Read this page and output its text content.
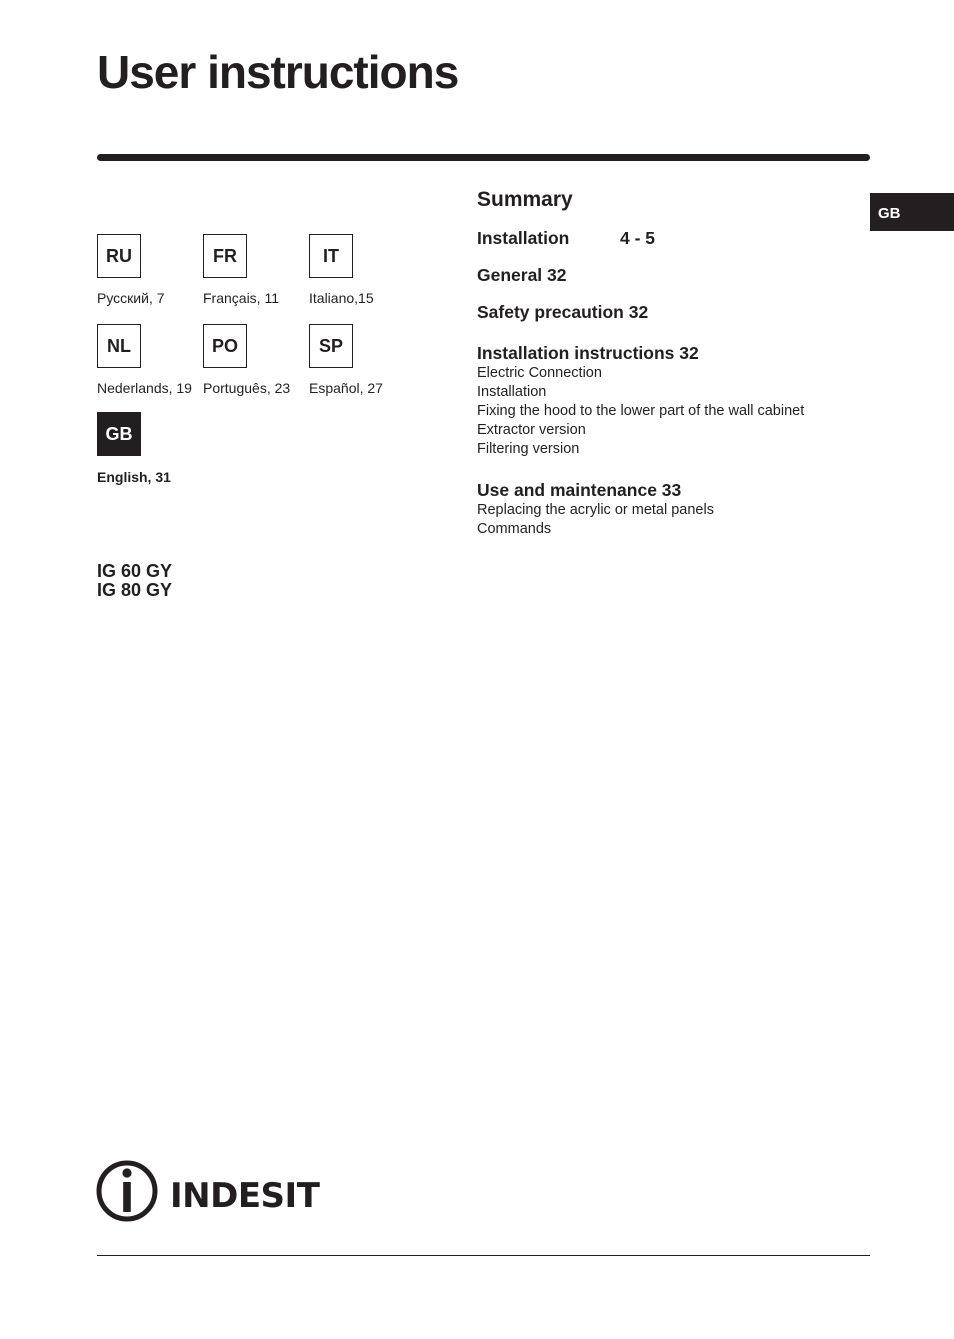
User instructions
GB
RU
Русский, 7
FR
Français, 11
IT
Italiano,15
NL
Nederlands, 19
PO
Português, 23
SP
Español, 27
GB
English, 31
IG 60 GY
IG 80 GY
Summary
Installation	4 - 5
General 32
Safety precaution 32
Installation instructions 32
Electric Connection
Installation
Fixing the hood to the lower part of the wall cabinet
Extractor version
Filtering version
Use and maintenance 33
Replacing the acrylic or metal panels
Commands
INDESIT
